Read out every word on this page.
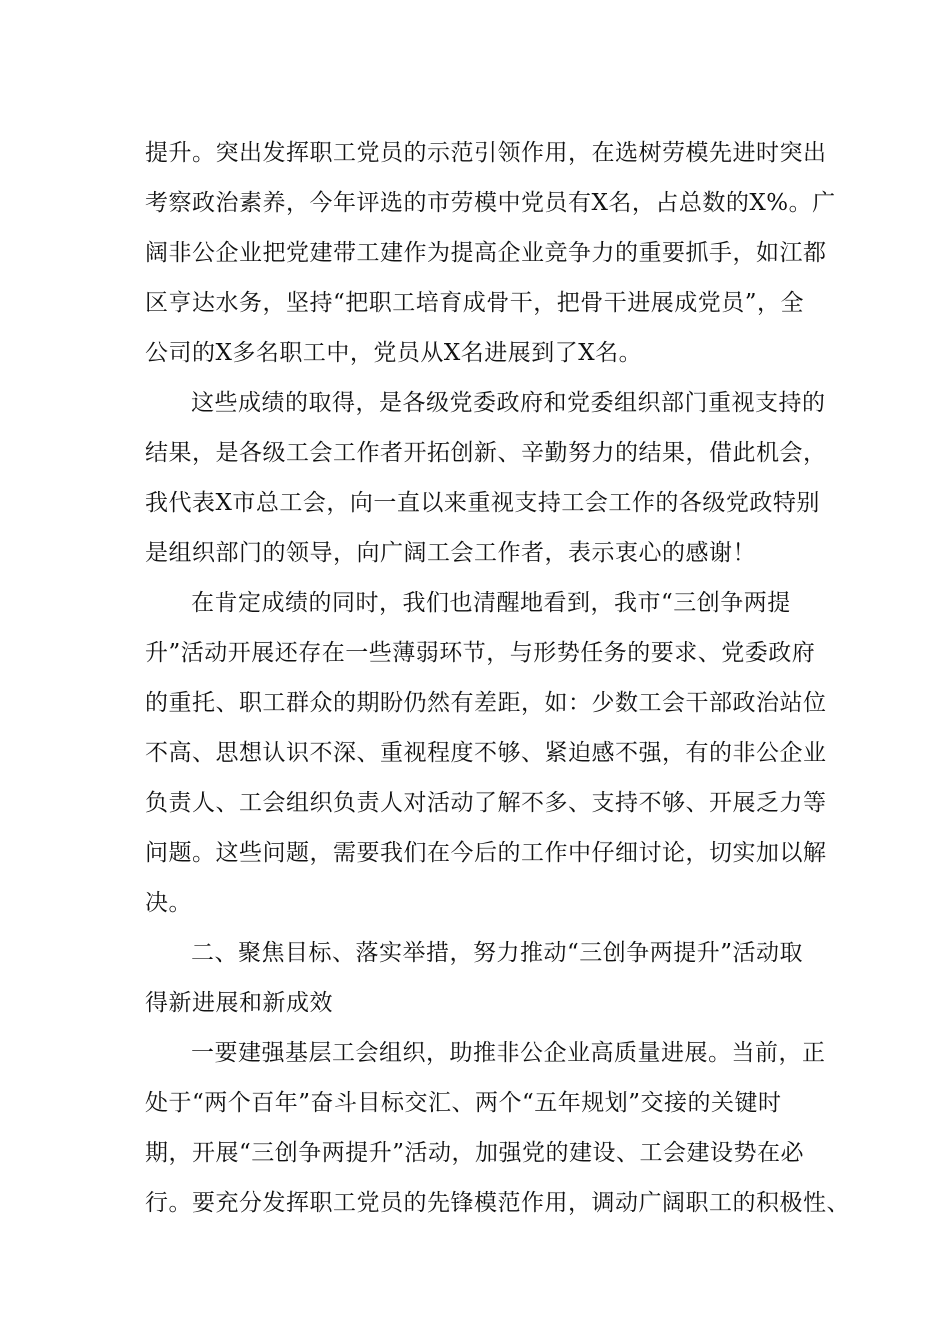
提升。突出发挥职工党员的示范引领作用，在选树劳模先进时突出
考察政治素养，今年评选的市劳模中党员有X名，占总数的X%。广
阔非公企业把党建带工建作为提高企业竞争力的重要抓手，如江都
区亨达水务，坚持“把职工培育成骨干，把骨干进展成党员”，全
公司的X多名职工中，党员从X名进展到了X名。
这些成绩的取得，是各级党委政府和党委组织部门重视支持的
结果，是各级工会工作者开拓创新、辛勤努力的结果，借此机会，
我代表X市总工会，向一直以来重视支持工会工作的各级党政特别
是组织部门的领导，向广阔工会工作者，表示衷心的感谢！
在肯定成绩的同时，我们也清醒地看到，我市“三创争两提
升”活动开展还存在一些薄弱环节，与形势任务的要求、党委政府
的重托、职工群众的期盼仍然有差距，如：少数工会干部政治站位
不高、思想认识不深、重视程度不够、紧迫感不强，有的非公企业
负责人、工会组织负责人对活动了解不多、支持不够、开展乏力等
问题。这些问题，需要我们在今后的工作中仔细讨论，切实加以解
决。
二、聚焦目标、落实举措，努力推动“三创争两提升”活动取
得新进展和新成效
一要建强基层工会组织，助推非公企业高质量进展。当前，正
处于“两个百年”奋斗目标交汇、两个“五年规划”交接的关键时
期，开展“三创争两提升”活动，加强党的建设、工会建设势在必
行。要充分发挥职工党员的先锋模范作用，调动广阔职工的积极性、
